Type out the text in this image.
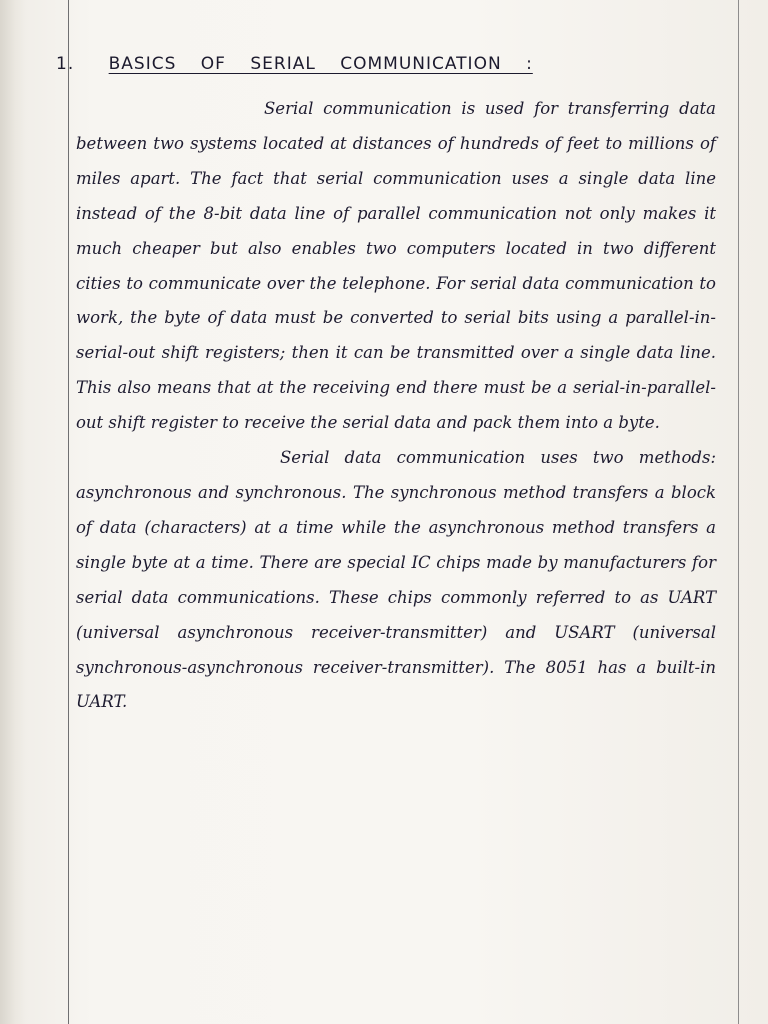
1. BASICS OF SERIAL COMMUNICATION :

Serial communication is used for transferring data between two systems located at distances of hundreds of feet to millions of miles apart. The fact that serial communication uses a single data line instead of the 8-bit data line of parallel communication not only makes it much cheaper but also enables two computers located in two different cities to communicate over the telephone. For serial data communication to work, the byte of data must be converted to serial bits using a parallel-in-serial-out shift registers; then it can be transmitted over a single data line. This also means that at the receiving end there must be a serial-in-parallel-out shift register to receive the serial data and pack them into a byte.

Serial data communication uses two methods: asynchronous and synchronous. The synchronous method transfers a block of data (characters) at a time while the asynchronous method transfers a single byte at a time. There are special IC chips made by manufacturers for serial data communications. These chips commonly referred to as UART (universal asynchronous receiver-transmitter) and USART (universal synchronous-asynchronous receiver-transmitter). The 8051 has a built-in UART.
